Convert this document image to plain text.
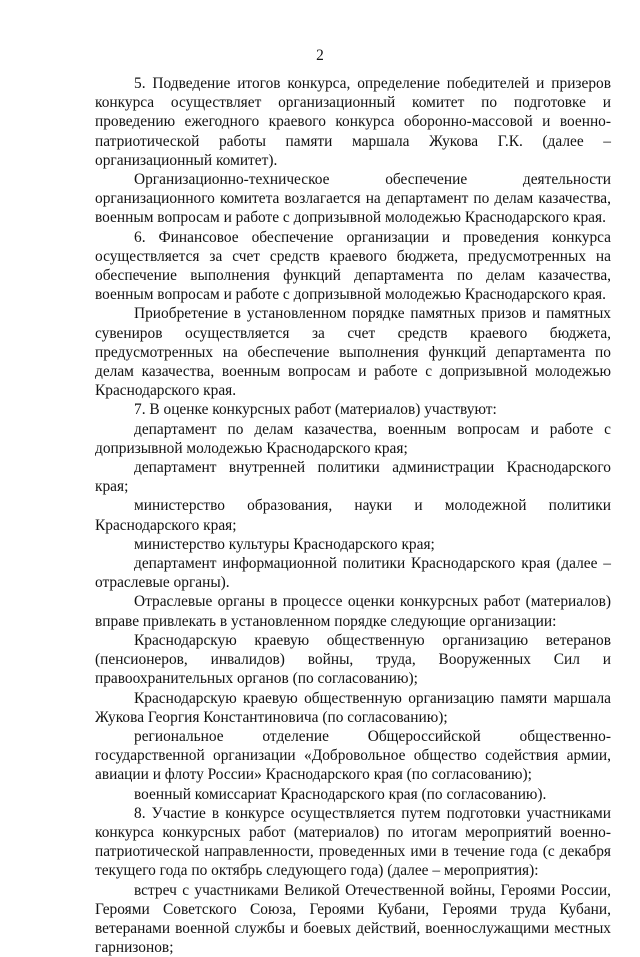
2

5. Подведение итогов конкурса, определение победителей и призеров конкурса осуществляет организационный комитет по подготовке и проведению ежегодного краевого конкурса оборонно-массовой и военно-патриотической работы памяти маршала Жукова Г.К. (далее – организационный комитет).

Организационно-техническое обеспечение деятельности организационного комитета возлагается на департамент по делам казачества, военным вопросам и работе с допризывной молодежью Краснодарского края.

6. Финансовое обеспечение организации и проведения конкурса осуществляется за счет средств краевого бюджета, предусмотренных на обеспечение выполнения функций департамента по делам казачества, военным вопросам и работе с допризывной молодежью Краснодарского края.

Приобретение в установленном порядке памятных призов и памятных сувениров осуществляется за счет средств краевого бюджета, предусмотренных на обеспечение выполнения функций департамента по делам казачества, военным вопросам и работе с допризывной молодежью Краснодарского края.

7. В оценке конкурсных работ (материалов) участвуют:

департамент по делам казачества, военным вопросам и работе с допризывной молодежью Краснодарского края;

департамент внутренней политики администрации Краснодарского края;

министерство образования, науки и молодежной политики Краснодарского края;

министерство культуры Краснодарского края;

департамент информационной политики Краснодарского края (далее – отраслевые органы).

Отраслевые органы в процессе оценки конкурсных работ (материалов) вправе привлекать в установленном порядке следующие организации:

Краснодарскую краевую общественную организацию ветеранов (пенсионеров, инвалидов) войны, труда, Вооруженных Сил и правоохранительных органов (по согласованию);

Краснодарскую краевую общественную организацию памяти маршала Жукова Георгия Константиновича (по согласованию);

региональное отделение Общероссийской общественно-государственной организации «Добровольное общество содействия армии, авиации и флоту России» Краснодарского края (по согласованию);

военный комиссариат Краснодарского края (по согласованию).

8. Участие в конкурсе осуществляется путем подготовки участниками конкурса конкурсных работ (материалов) по итогам мероприятий военно-патриотической направленности, проведенных ими в течение года (с декабря текущего года по октябрь следующего года) (далее – мероприятия):

встреч с участниками Великой Отечественной войны, Героями России, Героями Советского Союза, Героями Кубани, Героями труда Кубани, ветеранами военной службы и боевых действий, военнослужащими местных гарнизонов;
